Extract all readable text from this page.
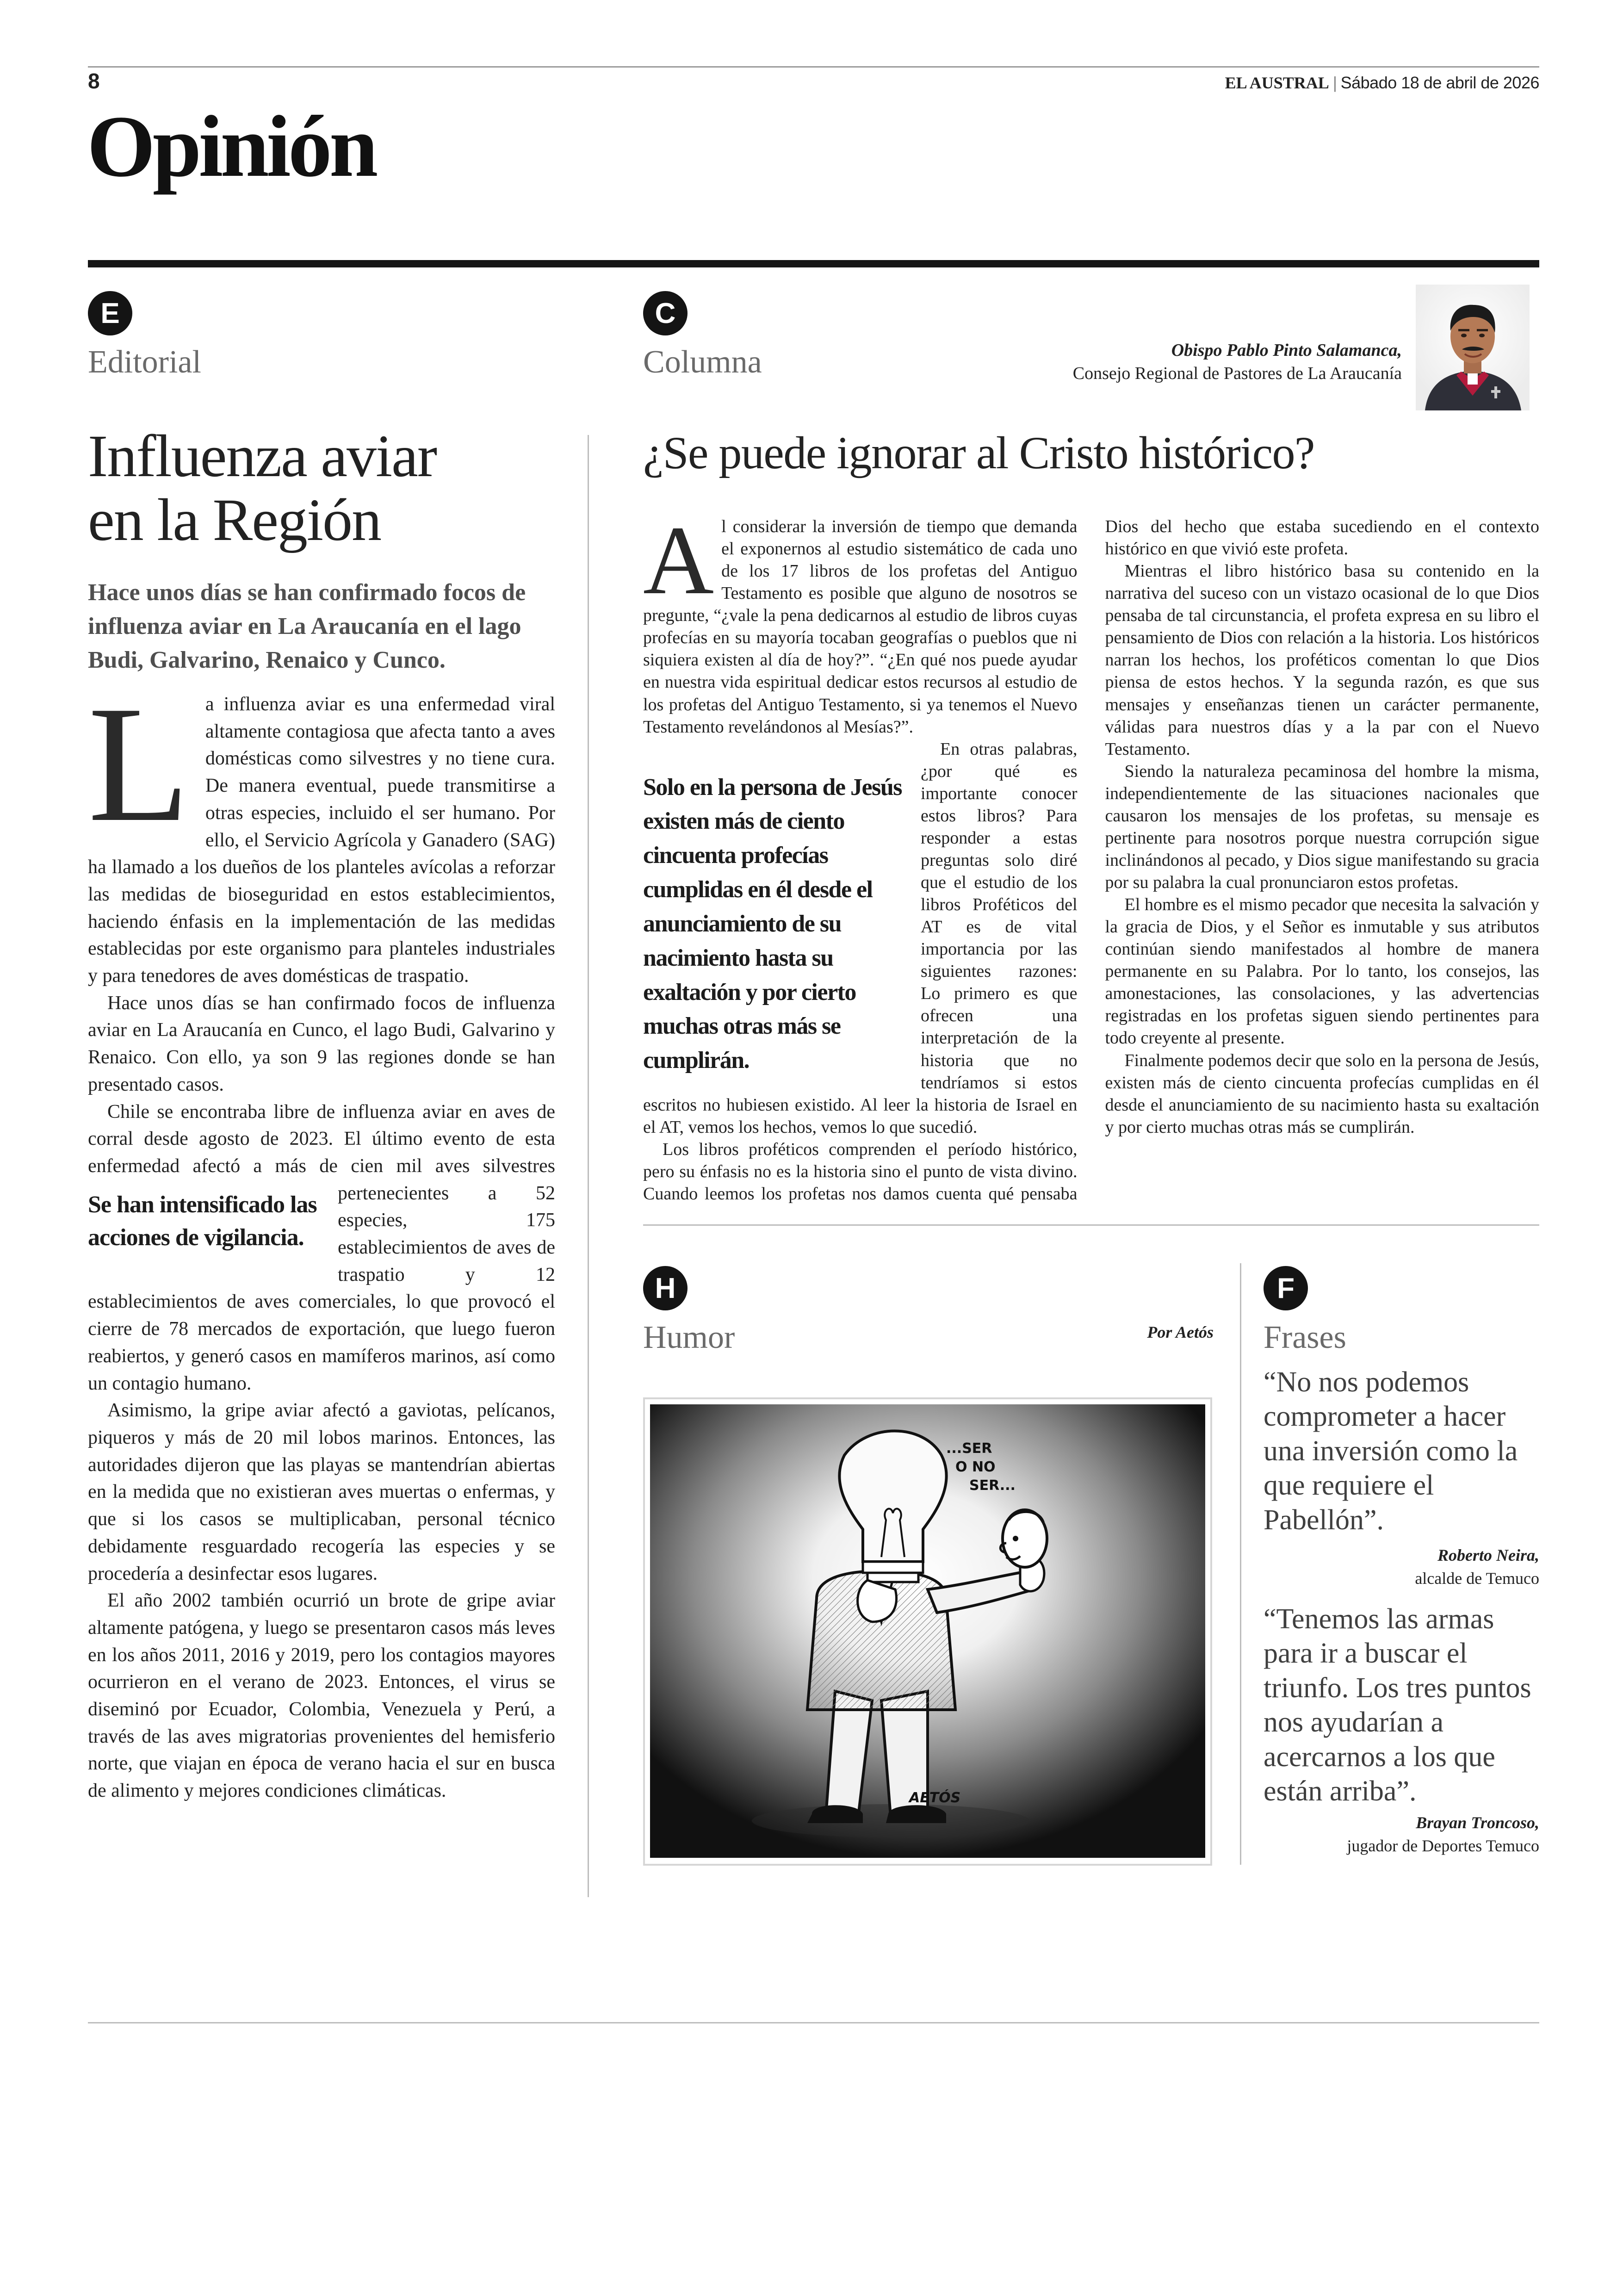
8	EL AUSTRAL | Sábado 18 de abril de 2026
Opinión
E
Editorial
Influenza aviar
en la Región
Hace unos días se han confirmado focos de influenza aviar en La Araucanía en el lago Budi, Galvarino, Renaico y Cunco.

La influenza aviar es una enfermedad viral altamente contagiosa que afecta tanto a aves domésticas como silvestres y no tiene cura. De manera eventual, puede transmitirse a otras especies, incluido el ser humano. Por ello, el Servicio Agrícola y Ganadero (SAG) ha llamado a los dueños de los planteles avícolas a reforzar las medidas de bioseguridad en estos establecimientos, haciendo énfasis en la implementación de las medidas establecidas por este organismo para planteles industriales y para tenedores de aves domésticas de traspatio.

Hace unos días se han confirmado focos de influenza aviar en La Araucanía en Cunco, el lago Budi, Galvarino y Renaico. Con ello, ya son 9 las regiones donde se han presentado casos.

Chile se encontraba libre de influenza aviar en aves de corral desde agosto de 2023. El último evento de esta enfermedad afectó a más de cien mil aves silves
Se han intensificado las acciones de vigilancia.
tres pertenecientes a 52 especies, 175 establecimientos de aves de traspatio y 12 establecimientos de aves comerciales, lo que provocó el cierre de 78 mercados de exportación, que luego fueron reabiertos, y generó casos en mamíferos marinos, así como un contagio humano.

Asimismo, la gripe aviar afectó a gaviotas, pelícanos, piqueros y más de 20 mil lobos marinos. Entonces, las autoridades dijeron que las playas se mantendrían abiertas en la medida que no existieran aves muertas o enfermas, y que si los casos se multiplicaban, personal técnico debidamente resguardado recogería las especies y se procedería a desinfectar esos lugares.

El año 2002 también ocurrió un brote de gripe aviar altamente patógena, y luego se presentaron casos más leves en los años 2011, 2016 y 2019, pero los contagios mayores ocurrieron en el verano de 2023. Entonces, el virus se diseminó por Ecuador, Colombia, Venezuela y Perú, a través de las aves migratorias provenientes del hemisferio norte, que viajan en época de verano hacia el sur en busca de alimento y mejores condiciones climáticas.

C
Columna	Obispo Pablo Pinto Salamanca,
Consejo Regional de Pastores de La Araucanía
¿Se puede ignorar al Cristo histórico?

Al considerar la inversión de tiempo que demanda el exponernos al estudio sistemático de cada uno de los 17 libros de los profetas del Antiguo Testamento es posible que alguno de nosotros se pregunte, “¿vale la pena dedicarnos al estudio de libros cuyas profecías en su mayoría tocaban geografías o pueblos que ni siquiera existen al día de hoy?”. “¿En qué nos puede ayudar en nuestra vida espiritual dedicar estos recursos al estudio de los profetas del Antiguo Testamento, si ya tenemos el Nuevo Testamento revelándonos al Mesías?”.

Solo en la persona de Jesús existen más de ciento cincuenta profecías cumplidas en él desde el anunciamiento de su nacimiento hasta su exaltación y por cierto muchas otras más se cumplirán.
En otras palabras, ¿por qué es importante conocer estos libros? Para responder a estas preguntas solo diré que el estudio de los libros Proféticos del AT es de vital importancia por las siguientes razones: Lo primero es que ofrecen una interpretación de la historia que no tendríamos si estos escritos no hubiesen existido. Al leer la historia de Israel en el AT, vemos los hechos, vemos lo que sucedió.

Los libros proféticos comprenden el período histórico, pero su énfasis no es la historia sino el punto de vista divino. Cuando leemos los profetas nos damos cuenta qué pensaba Dios del hecho que estaba sucediendo en el contexto histórico en que vivió este profeta.

Mientras el libro histórico basa su contenido en la narrativa del suceso con un vistazo ocasional de lo que Dios pensaba de tal circunstancia, el profeta expresa en su libro el pensamiento de Dios con relación a la historia. Los históricos narran los hechos, los proféticos comentan lo que Dios piensa de estos hechos. Y la segunda razón, es que sus mensajes y enseñanzas tienen un carácter permanente, válidas para nuestros días y a la par con el Nuevo Testamento.

Siendo la naturaleza pecaminosa del hombre la misma, independientemente de las situaciones nacionales que causaron los mensajes de los profetas, su mensaje es pertinente para nosotros porque nuestra corrupción sigue inclinándonos al pecado, y Dios sigue manifestando su gracia por su palabra la cual pronunciaron estos profetas.

El hombre es el mismo pecador que necesita la salvación y la gracia de Dios, y el Señor es inmutable y sus atributos continúan siendo manifestados al hombre de manera permanente en su Palabra. Por lo tanto, los consejos, las amonestaciones, las consolaciones, y las advertencias registradas en los profetas siguen siendo pertinentes para todo creyente al presente.

Finalmente podemos decir que solo en la persona de Jesús, existen más de ciento cincuenta profecías cumplidas en él desde el anunciamiento de su nacimiento hasta su exaltación y por cierto muchas otras más se cumplirán.

H
Humor	Por Aetós
...SER
O NO
SER...
AETÓS
F
Frases
“No nos podemos comprometer a hacer una inversión como la que requiere el Pabellón”.
Roberto Neira,
alcalde de Temuco
“Tenemos las armas para ir a buscar el triunfo. Los tres puntos nos ayudarían a acercarnos a los que están arriba”.
Brayan Troncoso,
jugador de Deportes Temuco
